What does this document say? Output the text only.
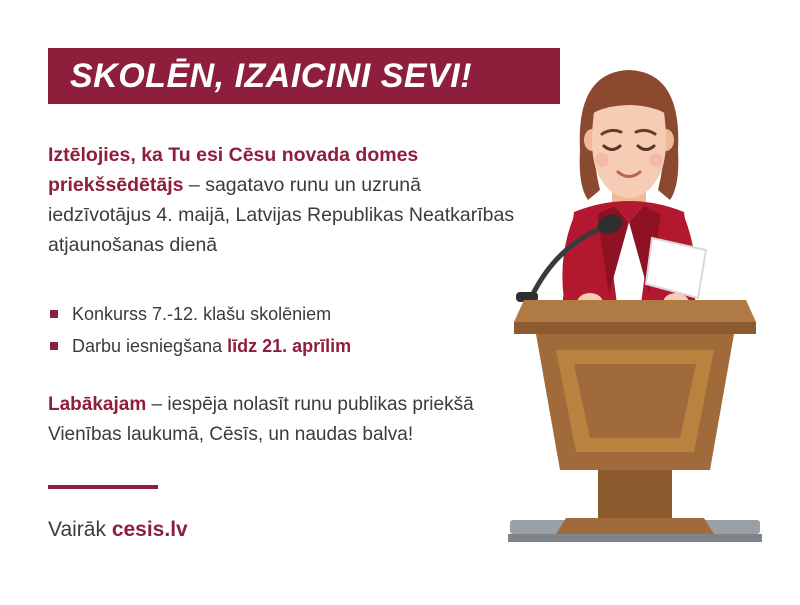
SKOLĒN, IZAICINI SEVI!
Iztēlojies, ka Tu esi Cēsu novada domes priekšsēdētājs – sagatavo runu un uzrunā iedzīvotājus 4. maijā, Latvijas Republikas Neatkarības atjaunošanas dienā
Konkurss 7.-12. klašu skolēniem
Darbu iesniegšana līdz 21. aprīlim
Labākajam – iespēja nolasīt runu publikas priekšā Vienības laukumā, Cēsīs, un naudas balva!
Vairāk cesis.lv
